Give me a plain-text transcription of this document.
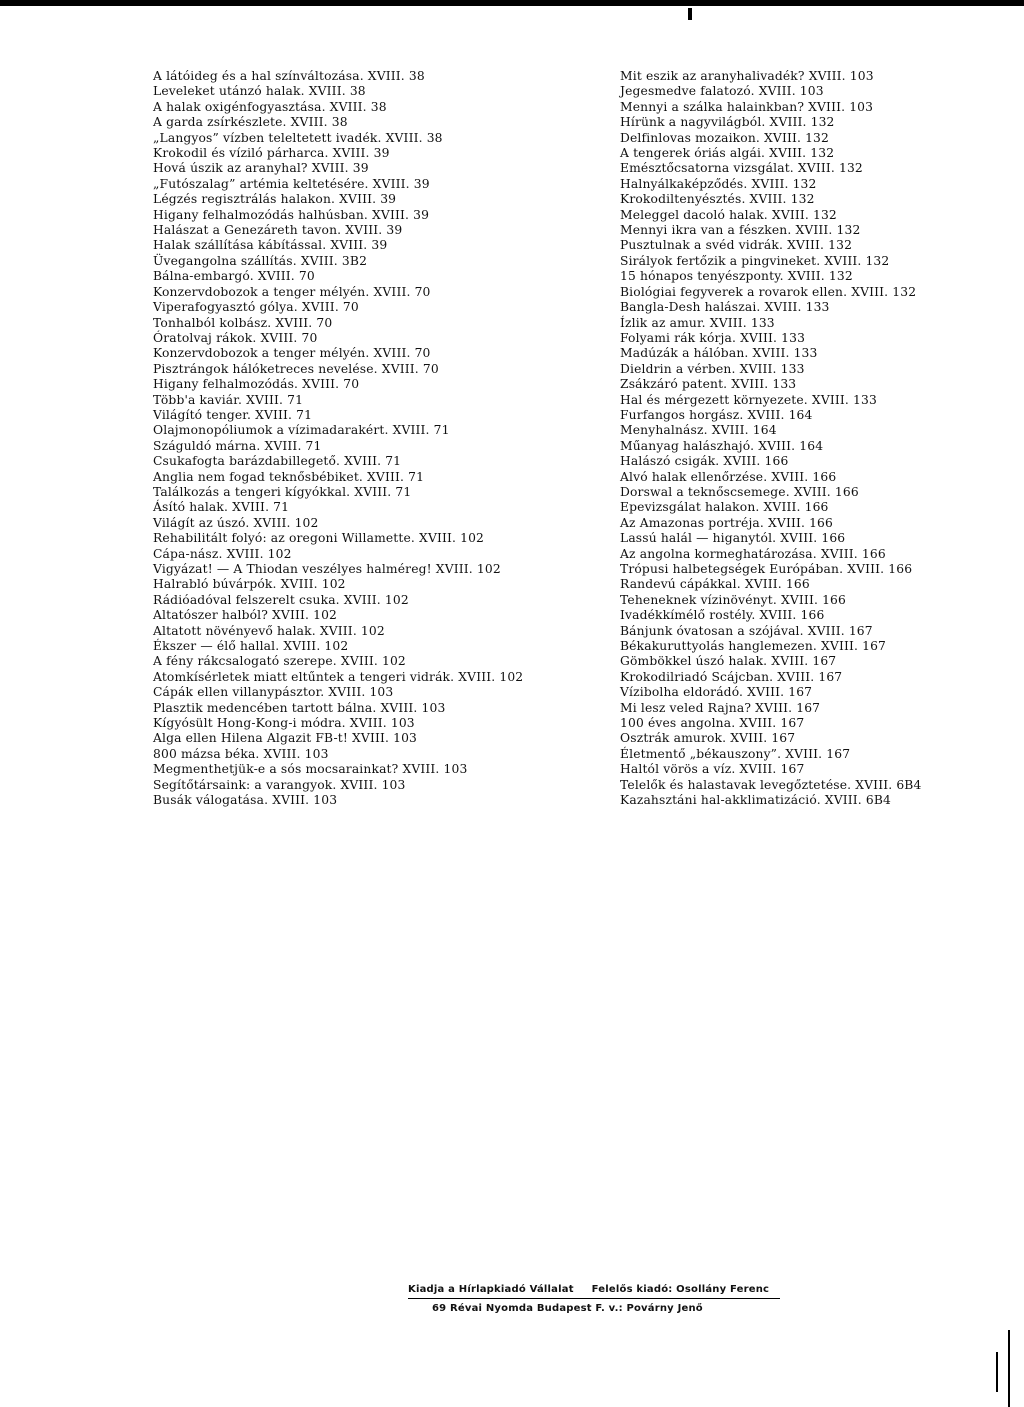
A látóideg és a hal színváltozása. XVIII. 38
Leveleket utánzó halak. XVIII. 38
A halak oxigénfogyasztása. XVIII. 38
A garda zsírkészlete. XVIII. 38
„Langyos” vízben teleltetett ivadék. XVIII. 38
Krokodil és víziló párharca. XVIII. 39
Hová úszik az aranyhal? XVIII. 39
„Futószalag” artémia keltetésére. XVIII. 39
Légzés regisztrálás halakon. XVIII. 39
Higany felhalmozódás halhúsban. XVIII. 39
Halászat a Genezáreth tavon. XVIII. 39
Halak szállítása kábítással. XVIII. 39
Üvegangolna szállítás. XVIII. 3B2
Bálna-embargó. XVIII. 70
Konzervdobozok a tenger mélyén. XVIII. 70
Viperafogyasztó gólya. XVIII. 70
Tonhalból kolbász. XVIII. 70
Óratolvaj rákok. XVIII. 70
Konzervdobozok a tenger mélyén. XVIII. 70
Pisztrángok hálóketreces nevelése. XVIII. 70
Higany felhalmozódás. XVIII. 70
Több'a kaviár. XVIII. 71
Világító tenger. XVIII. 71
Olajmonopóliumok a vízimadarakért. XVIII. 71
Száguldó márna. XVIII. 71
Csukafogta barázdabillegető. XVIII. 71
Anglia nem fogad teknősbébiket. XVIII. 71
Találkozás a tengeri kígyókkal. XVIII. 71
Ásító halak. XVIII. 71
Világít az úszó. XVIII. 102
Rehabilitált folyó: az oregoni Willamette. XVIII. 102
Cápa-nász. XVIII. 102
Vigyázat! — A Thiodan veszélyes halméreg! XVIII. 102
Halrabló búvárpók. XVIII. 102
Rádióadóval felszerelt csuka. XVIII. 102
Altatószer halból? XVIII. 102
Altatott növényevő halak. XVIII. 102
Ékszer — élő hallal. XVIII. 102
A fény rákcsalogató szerepe. XVIII. 102
Atomkísérletek miatt eltűntek a tengeri vidrák. XVIII. 102
Cápák ellen villanypásztor. XVIII. 103
Plasztik medencében tartott bálna. XVIII. 103
Kígyósült Hong-Kong-i módra. XVIII. 103
Alga ellen Hilena Algazit FB-t! XVIII. 103
800 mázsa béka. XVIII. 103
Megmenthetjük-e a sós mocsarainkat? XVIII. 103
Segítőtársaink: a varangyok. XVIII. 103
Busák válogatása. XVIII. 103
Mit eszik az aranyhalivadék? XVIII. 103
Jegesmedve falatozó. XVIII. 103
Mennyi a szálka halainkban? XVIII. 103
Hírünk a nagyvilágból. XVIII. 132
Delfinlovas mozaikon. XVIII. 132
A tengerek óriás algái. XVIII. 132
Emésztőcsatorna vizsgálat. XVIII. 132
Halnyálkaképződés. XVIII. 132
Krokodiltenyésztés. XVIII. 132
Meleggel dacoló halak. XVIII. 132
Mennyi ikra van a fészken. XVIII. 132
Pusztulnak a svéd vidrák. XVIII. 132
Sirályok fertőzik a pingvineket. XVIII. 132
15 hónapos tenyészponty. XVIII. 132
Biológiai fegyverek a rovarok ellen. XVIII. 132
Bangla-Desh halászai. XVIII. 133
Ízlik az amur. XVIII. 133
Folyami rák kórja. XVIII. 133
Madúzák a hálóban. XVIII. 133
Dieldrin a vérben. XVIII. 133
Zsákzáró patent. XVIII. 133
Hal és mérgezett környezete. XVIII. 133
Furfangos horgász. XVIII. 164
Menyhalnász. XVIII. 164
Műanyag halászhajó. XVIII. 164
Halászó csigák. XVIII. 166
Alvó halak ellenőrzése. XVIII. 166
Dorswal a teknőscsemege. XVIII. 166
Epevizsgálat halakon. XVIII. 166
Az Amazonas portréja. XVIII. 166
Lassú halál — higanytól. XVIII. 166
Az angolna kormeghatározása. XVIII. 166
Trópusi halbetegségek Európában. XVIII. 166
Randevú cápákkal. XVIII. 166
Teheneknek vízinövényt. XVIII. 166
Ivadékkímélő rostély. XVIII. 166
Bánjunk óvatosan a szójával. XVIII. 167
Békakuruttyolás hanglemezen. XVIII. 167
Gömbökkel úszó halak. XVIII. 167
Krokodilriadó Scájcban. XVIII. 167
Vízibolha eldorádó. XVIII. 167
Mi lesz veled Rajna? XVIII. 167
100 éves angolna. XVIII. 167
Osztrák amurok. XVIII. 167
Életmentő „békauszony”. XVIII. 167
Haltól vörös a víz. XVIII. 167
Telelők és halastavak levegőztetése. XVIII. 6B4
Kazahsztáni hal-akklimatizáció. XVIII. 6B4
Kiadja a Hírlapkiadó Vállalat Felelős kiadó: Osollány Ferenc
69 Révai Nyomda Budapest F. v.: Povárny Jenő
